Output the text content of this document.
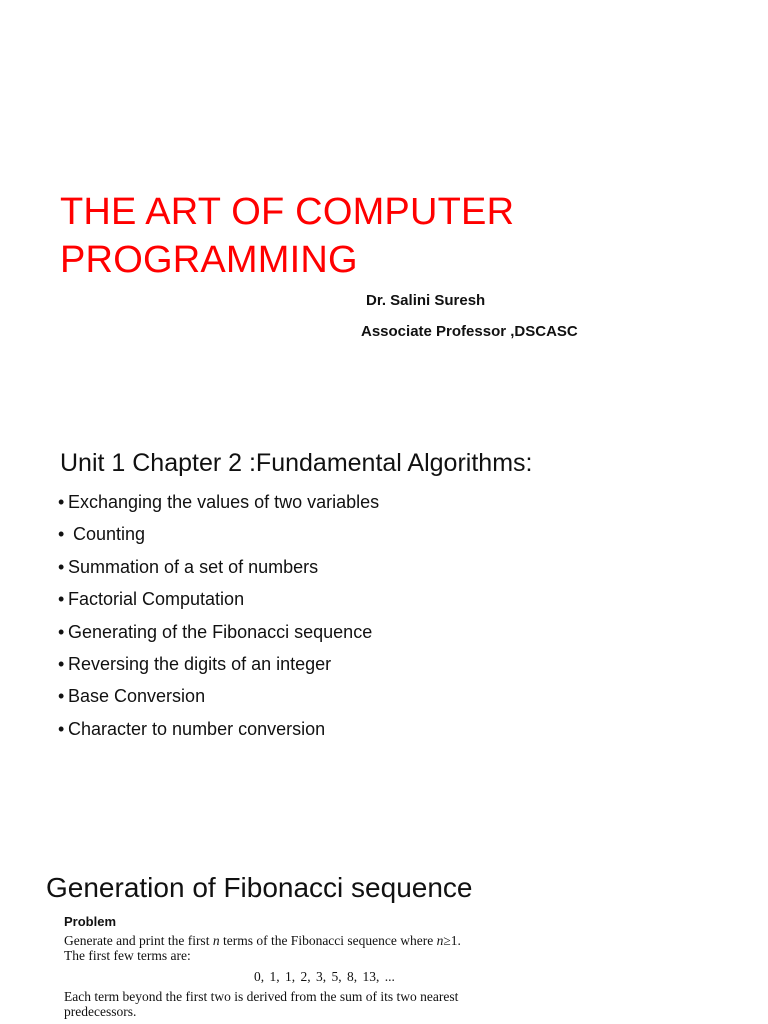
THE ART OF COMPUTER
PROGRAMMING

Dr. Salini Suresh

Associate Professor ,DSCASC

Unit 1 Chapter 2 :Fundamental Algorithms:
• Exchanging the values of two variables
• Counting
• Summation of a set of numbers
• Factorial Computation
• Generating of the Fibonacci sequence
• Reversing the digits of an integer
• Base Conversion
• Character to number conversion
Generation of Fibonacci sequence

Problem

Generate and print the first n terms of the Fibonacci sequence where n≥1.

The first few terms are:

0, 1, 1, 2, 3, 5, 8, 13, ...

Each term beyond the first two is derived from the sum of its two nearest

predecessors.
